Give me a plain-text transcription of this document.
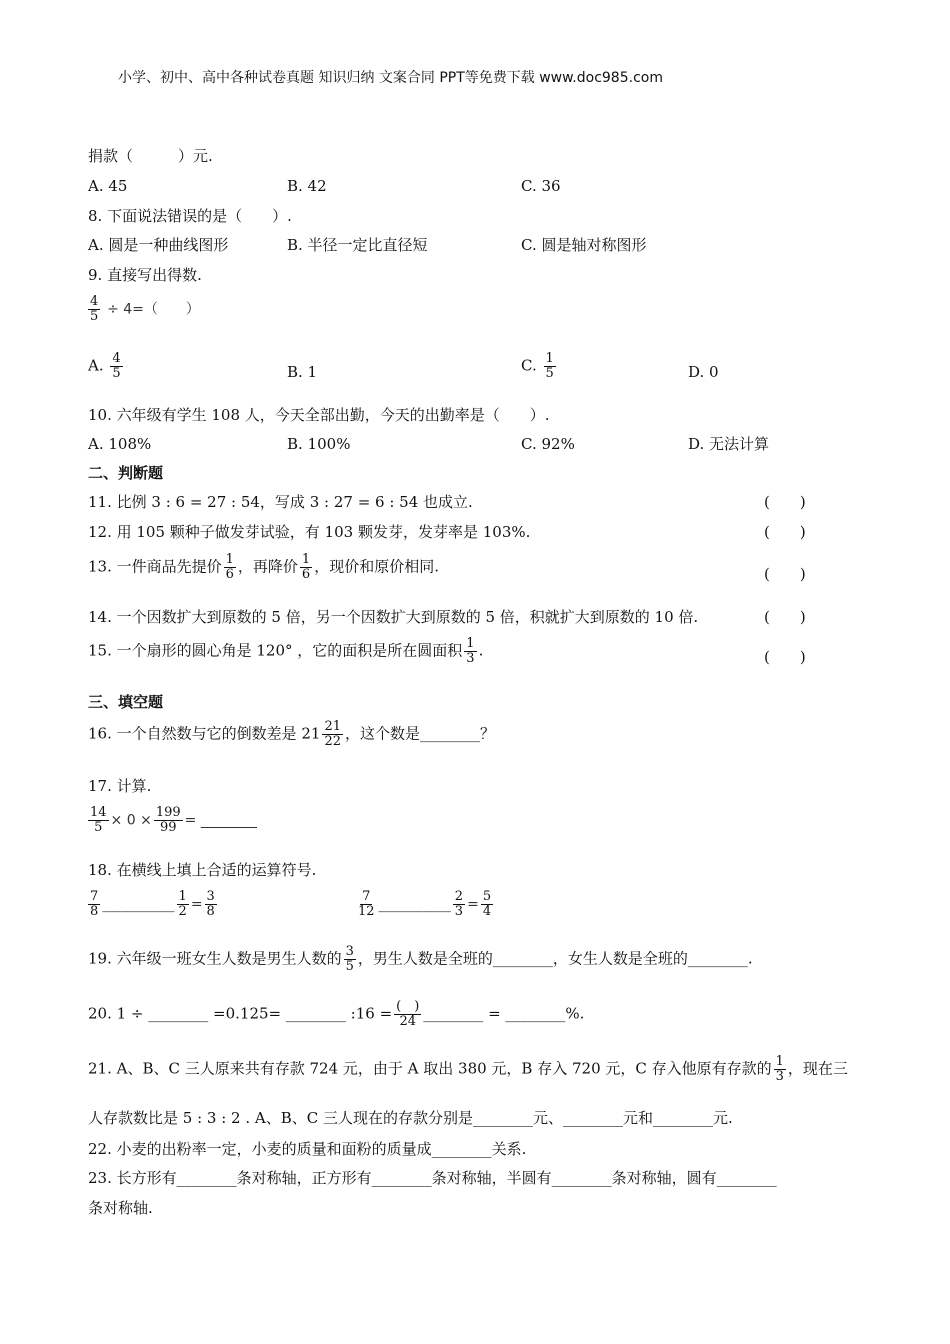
小学、初中、高中各种试卷真题 知识归纳 文案合同 PPT等免费下载 www.doc985.com
捐款（　　　）元.
A. 45	B. 42	C. 36
8. 下面说法错误的是（　　）.
A. 圆是一种曲线图形	B. 半径一定比直径短	C. 圆是轴对称图形
9. 直接写出得数.
$\frac{4}{5} \div 4=$（　　）
A. $\frac{4}{5}$	B. 1	C. $\frac{1}{5}$	D. 0
10. 六年级有学生 108 人，今天全部出勤，今天的出勤率是（　　）.
A. 108%	B. 100%	C. 92%	D. 无法计算
二、判断题
11. 比例 3 : 6 = 27 : 54，写成 3 : 27 = 6 : 54 也成立.	(　　)
12. 用 105 颗种子做发芽试验，有 103 颗发芽，发芽率是 103%.	(　　)
13. 一件商品先提价 $\frac{1}{6}$ ，再降价 $\frac{1}{6}$ ，现价和原价相同.	(　　)
14. 一个因数扩大到原数的 5 倍，另一个因数扩大到原数的 5 倍，积就扩大到原数的 10 倍.	(　　)
15. 一个扇形的圆心角是 120° ，它的面积是所在圆面积 $\frac{1}{3}$ .	(　　)
三、填空题
16. 一个自然数与它的倒数差是 $21 \frac{21}{22}$ ，这个数是________？
17. 计算.
$\frac{14}{5} \times 0 \times \frac{199}{99}$ = ________
18. 在横线上填上合适的运算符号.
$\frac{7}{8}$ ________ $\frac{1}{2} = \frac{3}{8}$	$\frac{7}{12}$ ________ $\frac{2}{3} = \frac{5}{4}$
19. 六年级一班女生人数是男生人数的 $\frac{3}{5}$ ，男生人数是全班的________，女生人数是全班的________.
20. 1 ÷ ________ =0.125= ________ :16 = $\frac{( )}{24}$ ________ = ________%.
21. A、B、C 三人原来共有存款 724 元，由于 A 取出 380 元，B 存入 720 元，C 存入他原有存款的 $\frac{1}{3}$ ，现在三
人存款数比是 5 : 3 : 2 . A、B、C 三人现在的存款分别是________元、________元和________元.
22. 小麦的出粉率一定，小麦的质量和面粉的质量成________关系.
23. 长方形有________条对称轴，正方形有________条对称轴，半圆有________条对称轴，圆有________
条对称轴.
